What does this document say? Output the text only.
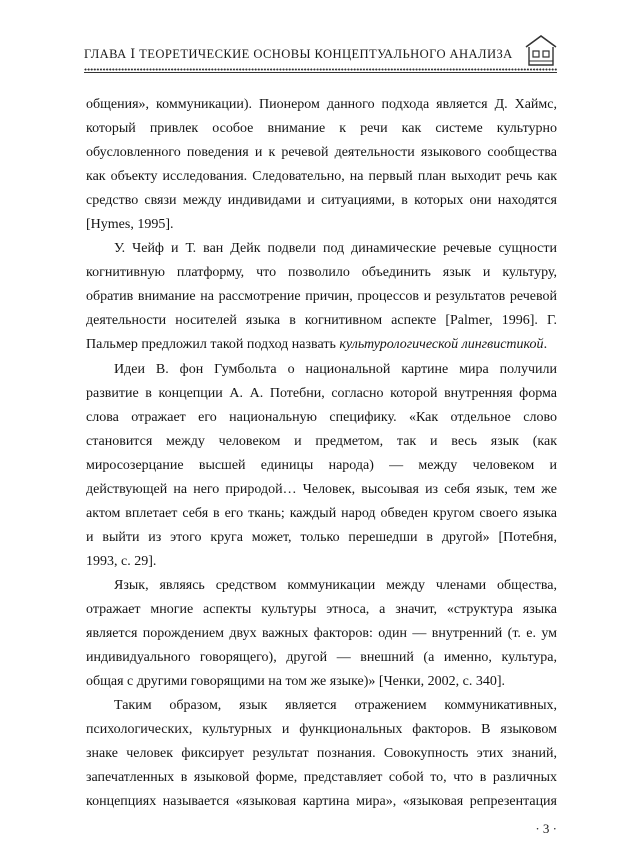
ГЛАВА Ⅰ ТЕОРЕТИЧЕСКИЕ ОСНОВЫ КОНЦЕПТУАЛЬНОГО АНАЛИЗА
общения», коммуникации). Пионером данного подхода является Д. Хаймс,
который привлек особое внимание к речи как системе культурно
обусловленного поведения и к речевой деятельности языкового сообщества
как объекту исследования. Следовательно, на первый план выходит речь как
средство связи между индивидами и ситуациями, в которых они находятся
[Hymes, 1995].
У. Чейф и Т. ван Дейк подвели под динамические речевые сущности
когнитивную платформу, что позволило объединить язык и культуру,
обратив внимание на рассмотрение причин, процессов и результатов речевой
деятельности носителей языка в когнитивном аспекте [Palmer, 1996]. Г.
Пальмер предложил такой подход назвать культурологической лингвистикой.
Идеи В. фон Гумбольта о национальной картине мира получили
развитие в концепции А. А. Потебни, согласно которой внутренняя форма
слова отражает его национальную специфику. «Как отдельное слово
становится между человеком и предметом, так и весь язык (как
миросозерцание высшей единицы народа) — между человеком и
действующей на него природой… Человек, высоывая из себя язык, тем же
актом вплетает себя в его ткань; каждый народ обведен кругом своего языка
и выйти из этого круга может, только перешедши в другой» [Потебня,
1993, с. 29].
Язык, являясь средством коммуникации между членами общества,
отражает многие аспекты культуры этноса, а значит, «структура языка
является порождением двух важных факторов: один — внутренний (т. е. ум
индивидуального говорящего), другой — внешний (а именно, культура,
общая с другими говорящими на том же языке)» [Ченки, 2002, с. 340].
Таким образом, язык является отражением коммуникативных,
психологических, культурных и функциональных факторов. В языковом
знаке человек фиксирует результат познания. Совокупность этих знаний,
запечатленных в языковой форме, представляет собой то, что в различных
концепциях называется «языковая картина мира», «языковая репрезентация
· 3 ·
